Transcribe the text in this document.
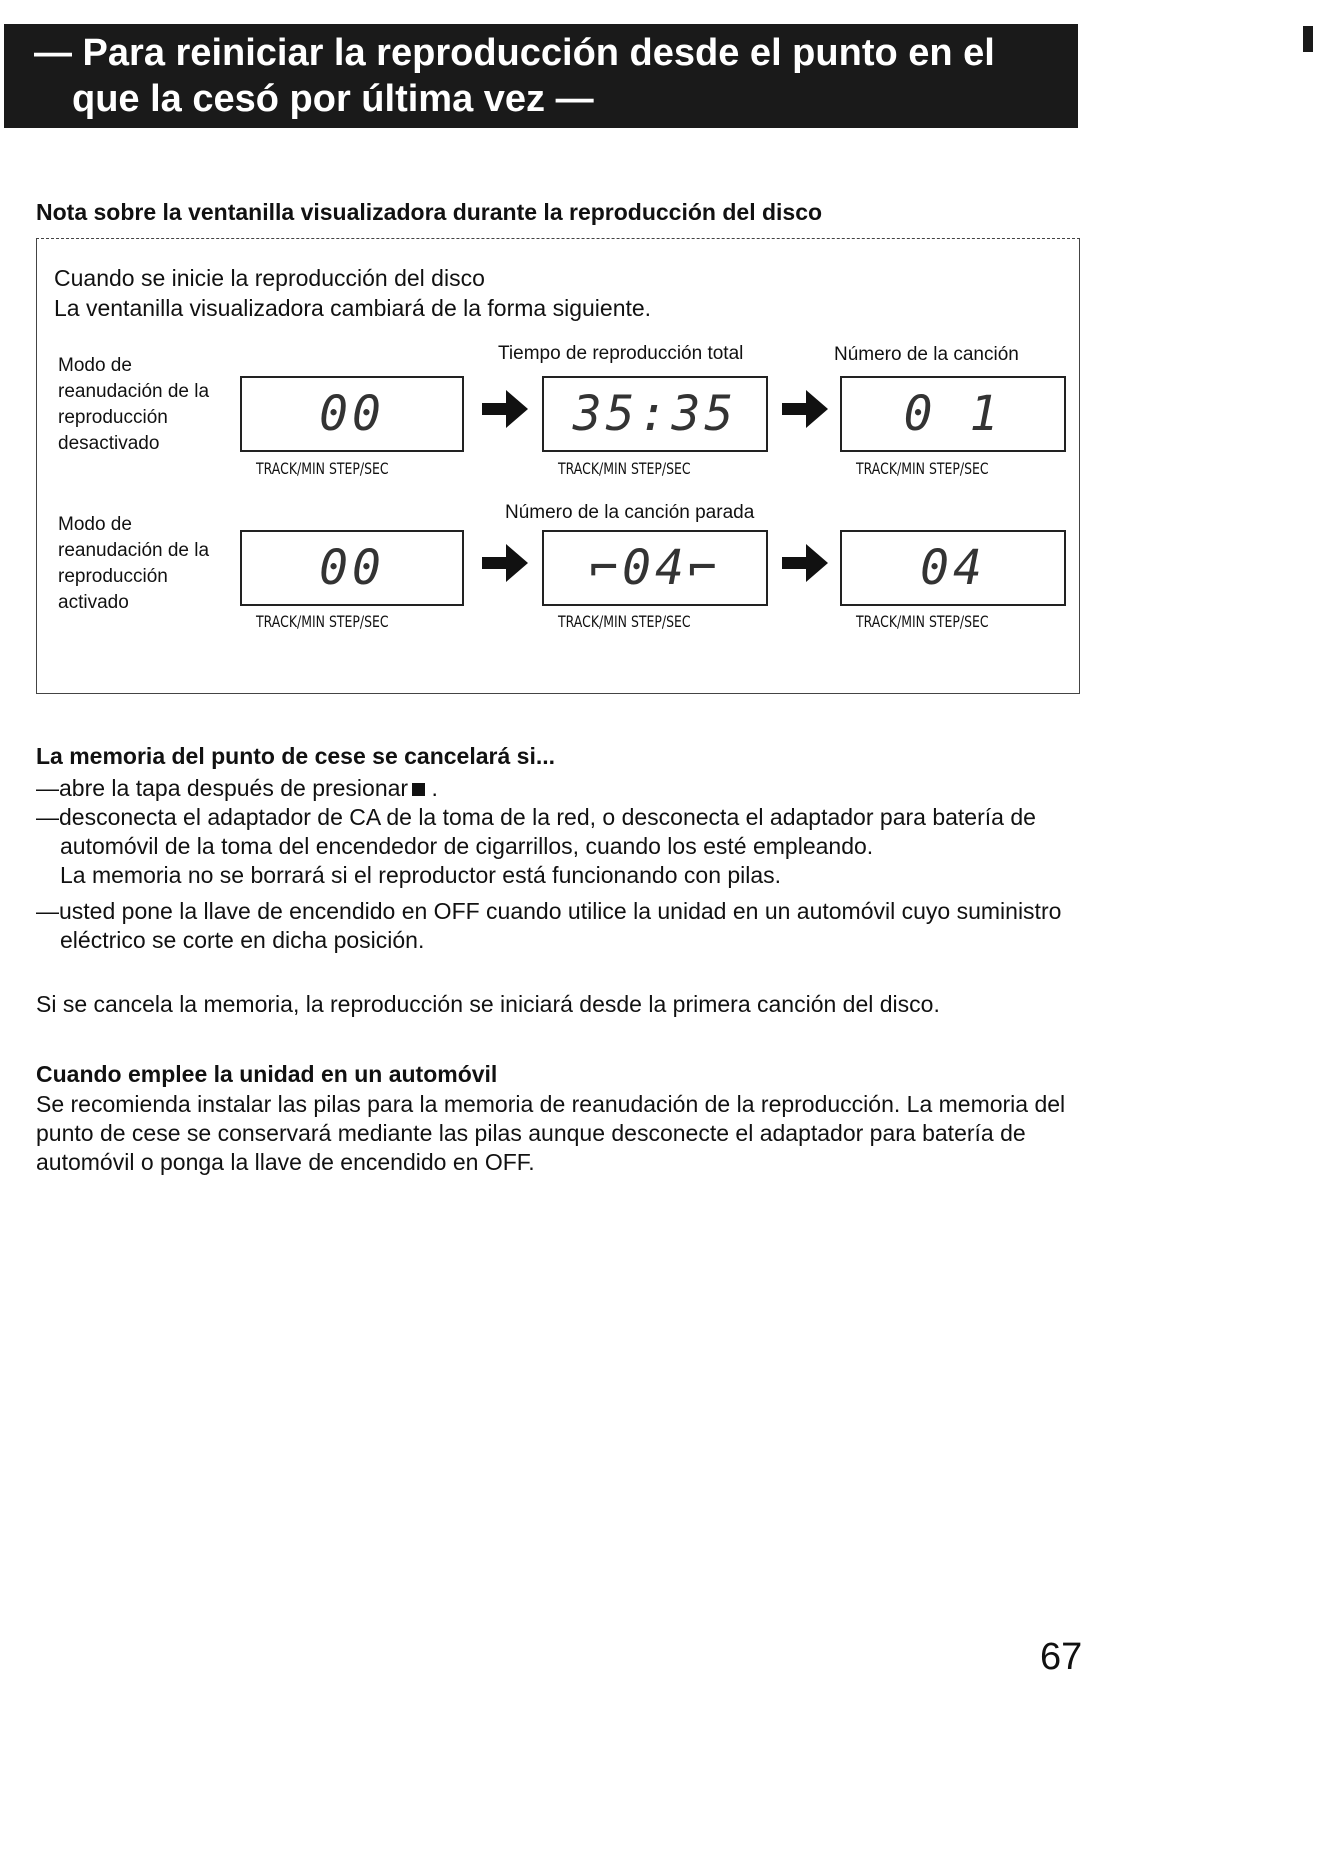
— Para reiniciar la reproducción desde el punto en el
que la cesó por última vez —
Nota sobre la ventanilla visualizadora durante la reproducción del disco
Cuando se inicie la reproducción del disco
La ventanilla visualizadora cambiará de la forma siguiente.
Modo de reanudación de la reproducción desactivado
Tiempo de reproducción total	Número de la canción
00
TRACK/MIN STEP/SEC
35:35
TRACK/MIN STEP/SEC
0 1
TRACK/MIN STEP/SEC
Modo de reanudación de la reproducción activado
Número de la canción parada
00
TRACK/MIN STEP/SEC
⌐04⌐
TRACK/MIN STEP/SEC
04
TRACK/MIN STEP/SEC
La memoria del punto de cese se cancelará si...
—abre la tapa después de presionar .
—desconecta el adaptador de CA de la toma de la red, o desconecta el adaptador para batería de automóvil de la toma del encendedor de cigarrillos, cuando los esté empleando.
La memoria no se borrará si el reproductor está funcionando con pilas.
—usted pone la llave de encendido en OFF cuando utilice la unidad en un automóvil cuyo suministro eléctrico se corte en dicha posición.
Si se cancela la memoria, la reproducción se iniciará desde la primera canción del disco.
Cuando emplee la unidad en un automóvil
Se recomienda instalar las pilas para la memoria de reanudación de la reproducción. La memoria del punto de cese se conservará mediante las pilas aunque desconecte el adaptador para batería de automóvil o ponga la llave de encendido en OFF.
67
